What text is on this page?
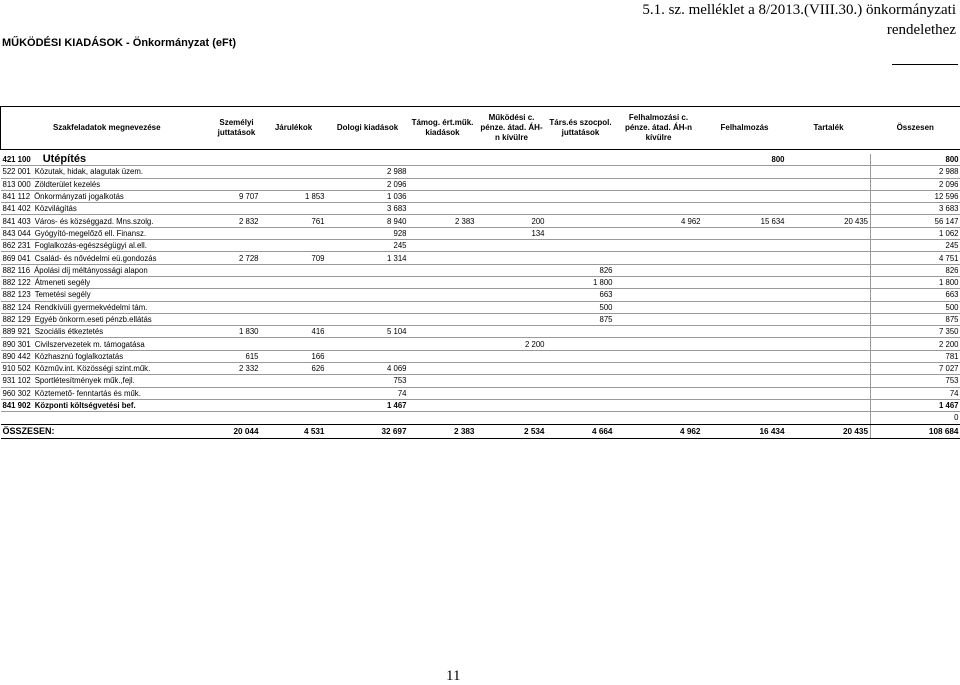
5.1. sz. melléklet a 8/2013.(VIII.30.) önkormányzati
rendelethez
MŰKÖDÉSI KIADÁSOK - Önkormányzat (eFt)
Szakfeladatok megnevezése	Személyi juttatások	Járulékok	Dologi kiadások	Támog. ért.műk. kiadások	Működési c. pénze. átad. ÁH-n kívülre	Társ.és szocpol. juttatások	Felhalmozási c. pénze. átad. ÁH-n kívülre	Felhalmozás	Tartalék	Összesen

421 100 Útépítés								800		800
522 001 Közutak, hidak, alagutak üzem.			2 988							2 988
813 000 Zöldterület kezelés			2 096							2 096
841 112 Önkormányzati jogalkotás	9 707	1 853	1 036							12 596
841 402 Közvilágítás			3 683							3 683
841 403 Város- és községgazd. Mns.szolg.	2 832	761	8 940	2 383	200		4 962	15 634	20 435	56 147
843 044 Gyógyító-megelőző ell. Finansz.			928		134					1 062
862 231 Foglalkozás-egészségügyi al.ell.			245							245
869 041 Család- és nővédelmi eü.gondozás	2 728	709	1 314							4 751
882 116 Ápolási díj méltányossági alapon						826				826
882 122 Átmeneti segély						1 800				1 800
882 123 Temetési segély						663				663
882 124 Rendkívüli gyermekvédelmi tám.						500				500
882 129 Egyéb önkorm.eseti pénzb.ellátás						875				875
889 921 Szociális étkeztetés	1 830	416	5 104							7 350
890 301 Civilszervezetek m. támogatása					2 200					2 200
890 442 Közhasznú foglalkoztatás	615	166								781
910 502 Közműv.int. Közösségi szint.műk.	2 332	626	4 069							7 027
931 102 Sportlétesítmények műk.,fejl.			753							753
960 302 Köztemető- fenntartás és műk.			74							74
841 902 Központi költségvetési bef.			1 467							1 467
										0
ÖSSZESEN:	20 044	4 531	32 697	2 383	2 534	4 664	4 962	16 434	20 435	108 684
11
